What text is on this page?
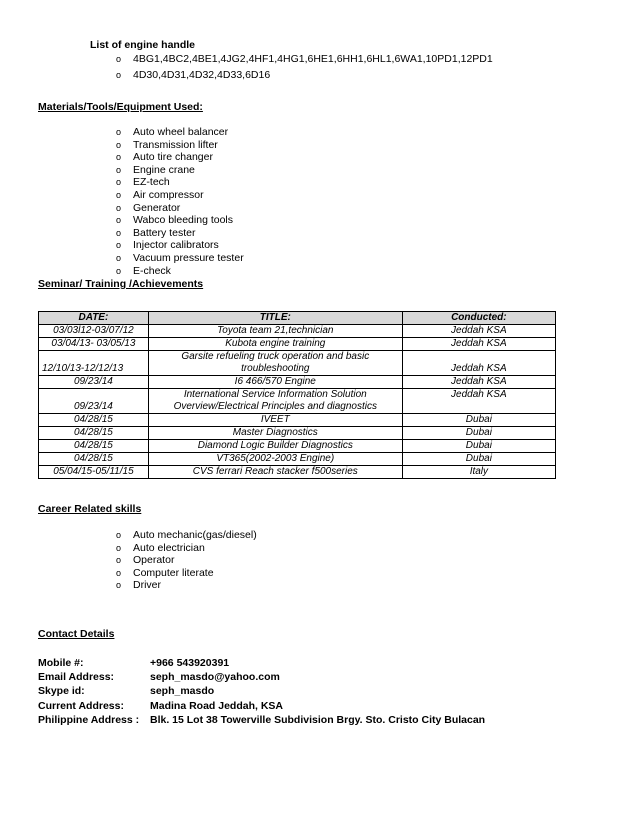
List of engine handle
o 4BG1,4BC2,4BE1,4JG2,4HF1,4HG1,6HE1,6HH1,6HL1,6WA1,10PD1,12PD1
o 4D30,4D31,4D32,4D33,6D16
Materials/Tools/Equipment Used:
o Auto wheel balancer
o Transmission lifter
o Auto tire changer
o Engine crane
o EZ-tech
o Air compressor
o Generator
o Wabco bleeding tools
o Battery tester
o Injector calibrators
o Vacuum pressure tester
o E-check
Seminar/ Training /Achievements
DATE:	TITLE:	Conducted:
03/03l12-03/07/12	Toyota team 21,technician	Jeddah KSA
03/04/13- 03/05/13	Kubota engine training	Jeddah KSA
12/10/13-12/12/13	Garsite refueling truck operation and basic troubleshooting	Jeddah KSA
09/23/14	I6 466/570 Engine	Jeddah KSA
09/23/14	International Service Information Solution Overview/Electrical Principles and diagnostics	Jeddah KSA
04/28/15	IVEET	Dubai
04/28/15	Master Diagnostics	Dubai
04/28/15	Diamond Logic Builder Diagnostics	Dubai
04/28/15	VT365(2002-2003 Engine)	Dubai
05/04/15-05/11/15	CVS ferrari Reach stacker f500series	Italy
Career Related skills
o Auto mechanic(gas/diesel)
o Auto electrician
o Operator
o Computer literate
o Driver
Contact Details
Mobile #:	+966 543920391
Email Address:	seph_masdo@yahoo.com
Skype id:	seph_masdo
Current Address: Madina Road Jeddah, KSA
Philippine Address : Blk. 15 Lot 38 Towerville Subdivision Brgy. Sto. Cristo City Bulacan
